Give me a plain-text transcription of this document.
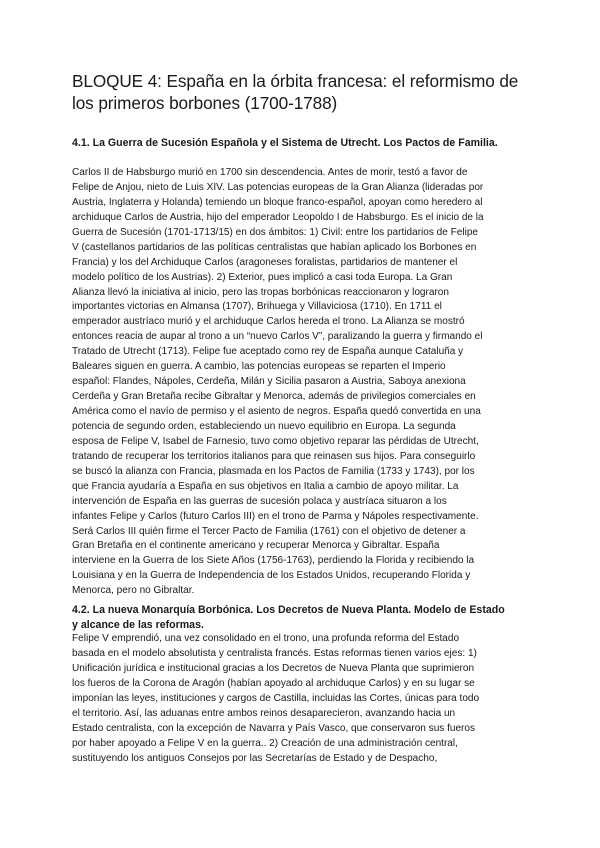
BLOQUE 4: España en la órbita francesa: el reformismo de
los primeros borbones (1700-1788)
4.1. La Guerra de Sucesión Española y el Sistema de Utrecht. Los Pactos de Familia.
Carlos II de Habsburgo murió en 1700 sin descendencia. Antes de morir, testó a favor de
Felipe de Anjou, nieto de Luis XIV. Las potencias europeas de la Gran Alianza (lideradas por
Austria, Inglaterra y Holanda) temiendo un bloque franco-español, apoyan como heredero al
archiduque Carlos de Austria, hijo del emperador Leopoldo I de Habsburgo. Es el inicio de la
Guerra de Sucesión (1701-1713/15) en dos ámbitos: 1) Civil: entre los partidarios de Felipe
V (castellanos partidarios de las políticas centralistas que habían aplicado los Borbones en
Francia) y los del Archiduque Carlos (aragoneses foralistas, partidarios de mantener el
modelo político de los Austrias). 2) Exterior, pues implicó a casi toda Europa. La Gran
Alianza llevó la iniciativa al inicio, pero las tropas borbónicas reaccionaron y lograron
importantes victorias en Almansa (1707), Brihuega y Villaviciosa (1710). En 1711 el
emperador austríaco murió y el archiduque Carlos hereda el trono. La Alianza se mostró
entonces reacia de aupar al trono a un “nuevo Carlos V”, paralizando la guerra y firmando el
Tratado de Utrecht (1713). Felipe fue aceptado como rey de España aunque Cataluña y
Baleares siguen en guerra. A cambio, las potencias europeas se reparten el Imperio
español: Flandes, Nápoles, Cerdeña, Milán y Sicilia pasaron a Austria, Saboya anexiona
Cerdeña y Gran Bretaña recibe Gibraltar y Menorca, además de privilegios comerciales en
América como el navío de permiso y el asiento de negros. España quedó convertida en una
potencia de segundo orden, estableciendo un nuevo equilibrio en Europa. La segunda
esposa de Felipe V, Isabel de Farnesio, tuvo como objetivo reparar las pérdidas de Utrecht,
tratando de recuperar los territorios italianos para que reinasen sus hijos. Para conseguirlo
se buscó la alianza con Francia, plasmada en los Pactos de Familia (1733 y 1743), por los
que Francia ayudaría a España en sus objetivos en Italia a cambio de apoyo militar. La
intervención de España en las guerras de sucesión polaca y austríaca situaron a los
infantes Felipe y Carlos (futuro Carlos III) en el trono de Parma y Nápoles respectivamente.
Será Carlos III quién firme el Tercer Pacto de Familia (1761) con el objetivo de detener a
Gran Bretaña en el continente americano y recuperar Menorca y Gibraltar. España
interviene en la Guerra de los Siete Años (1756-1763), perdiendo la Florida y recibiendo la
Louisiana y en la Guerra de Independencia de los Estados Unidos, recuperando Florida y
Menorca, pero no Gibraltar.
4.2. La nueva Monarquía Borbónica. Los Decretos de Nueva Planta. Modelo de Estado
y alcance de las reformas.
Felipe V emprendió, una vez consolidado en el trono, una profunda reforma del Estado
basada en el modelo absolutista y centralista francés. Estas reformas tienen varios ejes: 1)
Unificación jurídica e institucional gracias a los Decretos de Nueva Planta que suprimieron
los fueros de la Corona de Aragón (habían apoyado al archiduque Carlos) y en su lugar se
imponían las leyes, instituciones y cargos de Castilla, incluidas las Cortes, únicas para todo
el territorio. Así, las aduanas entre ambos reinos desaparecieron, avanzando hacia un
Estado centralista, con la excepción de Navarra y País Vasco, que conservaron sus fueros
por haber apoyado a Felipe V en la guerra.. 2) Creación de una administración central,
sustituyendo los antiguos Consejos por las Secretarías de Estado y de Despacho,
